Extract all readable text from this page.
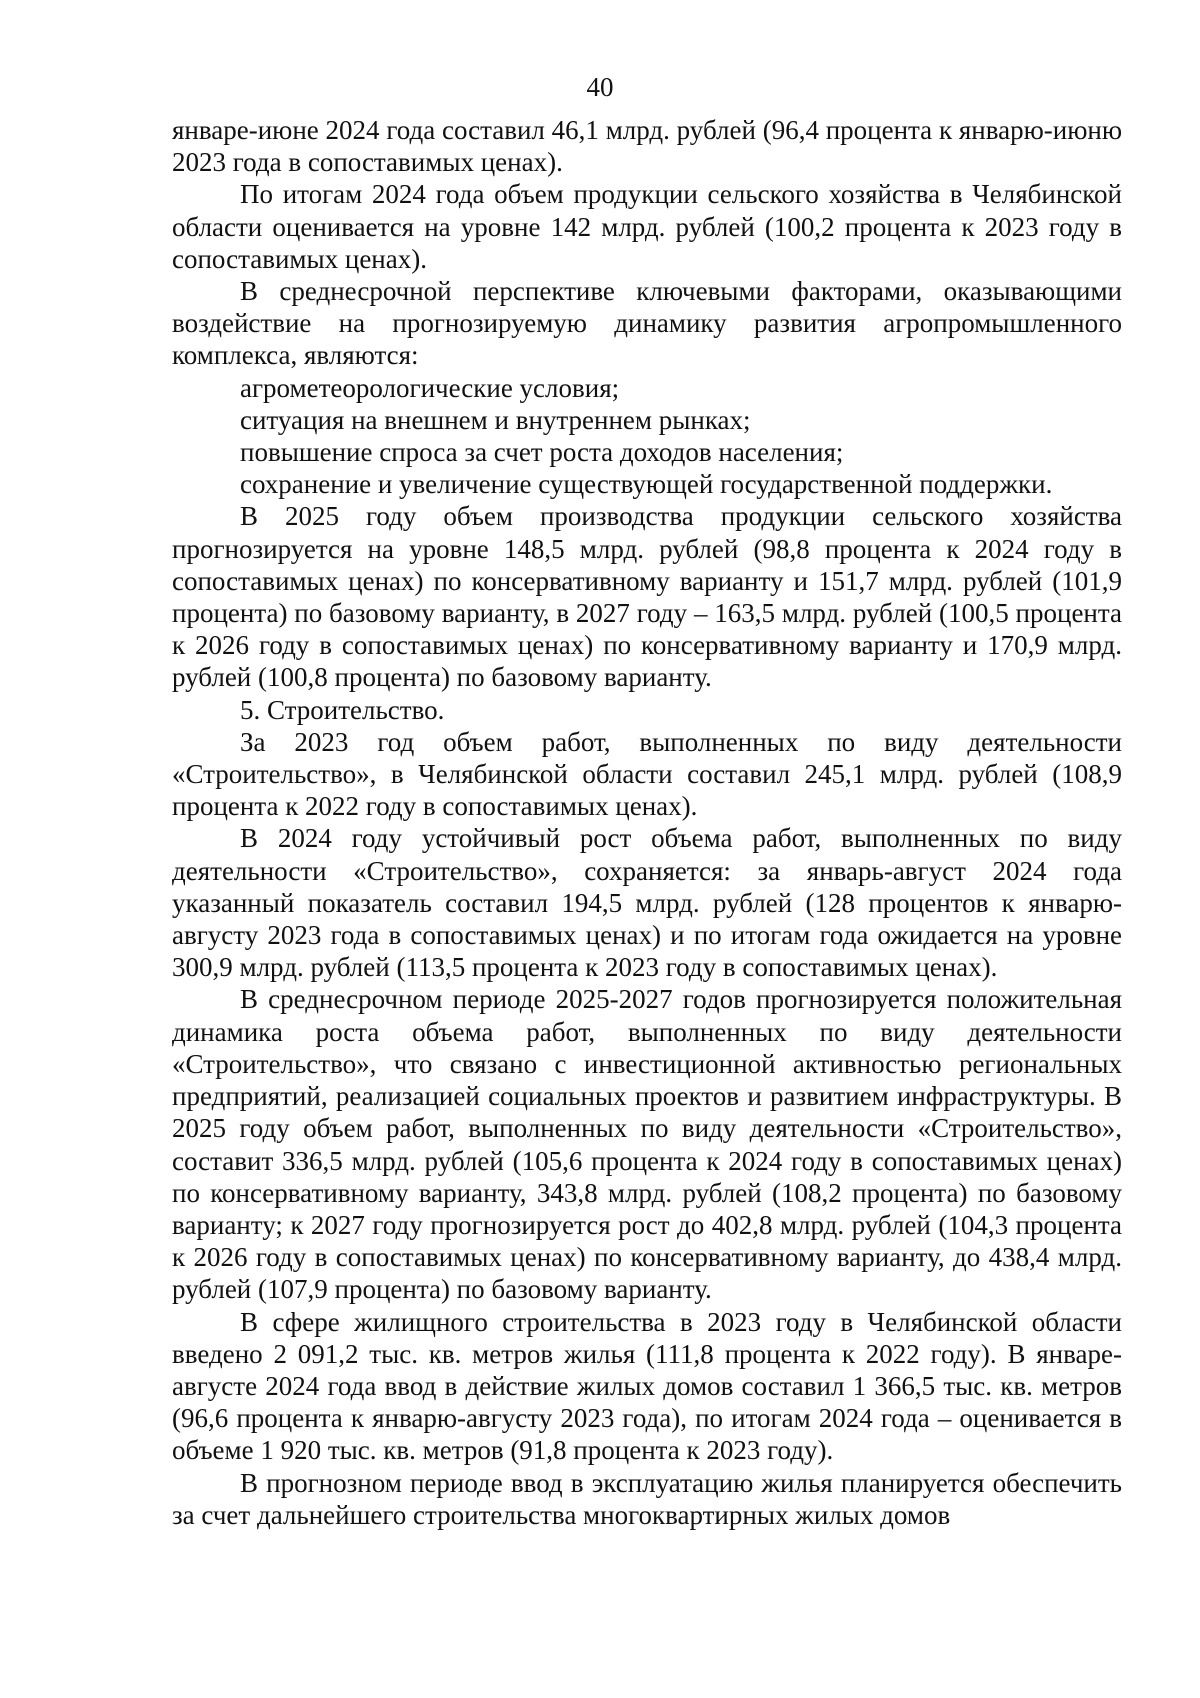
40

январе-июне 2024 года составил 46,1 млрд. рублей (96,4 процента к январю-июню 2023 года в сопоставимых ценах).

По итогам 2024 года объем продукции сельского хозяйства в Челябинской области оценивается на уровне 142 млрд. рублей (100,2 процента к 2023 году в сопоставимых ценах).

В среднесрочной перспективе ключевыми факторами, оказывающими воздействие на прогнозируемую динамику развития агропромышленного комплекса, являются:

агрометеорологические условия;

ситуация на внешнем и внутреннем рынках;

повышение спроса за счет роста доходов населения;

сохранение и увеличение существующей государственной поддержки.

В 2025 году объем производства продукции сельского хозяйства прогнозируется на уровне 148,5 млрд. рублей (98,8 процента к 2024 году в сопоставимых ценах) по консервативному варианту и 151,7 млрд. рублей (101,9 процента) по базовому варианту, в 2027 году – 163,5 млрд. рублей (100,5 процента к 2026 году в сопоставимых ценах) по консервативному варианту и 170,9 млрд. рублей (100,8 процента) по базовому варианту.

5. Строительство.

За 2023 год объем работ, выполненных по виду деятельности «Строительство», в Челябинской области составил 245,1 млрд. рублей (108,9 процента к 2022 году в сопоставимых ценах).

В 2024 году устойчивый рост объема работ, выполненных по виду деятельности «Строительство», сохраняется: за январь-август 2024 года указанный показатель составил 194,5 млрд. рублей (128 процентов к январю-августу 2023 года в сопоставимых ценах) и по итогам года ожидается на уровне 300,9 млрд. рублей (113,5 процента к 2023 году в сопоставимых ценах).

В среднесрочном периоде 2025-2027 годов прогнозируется положительная динамика роста объема работ, выполненных по виду деятельности «Строительство», что связано с инвестиционной активностью региональных предприятий, реализацией социальных проектов и развитием инфраструктуры. В 2025 году объем работ, выполненных по виду деятельности «Строительство», составит 336,5 млрд. рублей (105,6 процента к 2024 году в сопоставимых ценах) по консервативному варианту, 343,8 млрд. рублей (108,2 процента) по базовому варианту; к 2027 году прогнозируется рост до 402,8 млрд. рублей (104,3 процента к 2026 году в сопоставимых ценах) по консервативному варианту, до 438,4 млрд. рублей (107,9 процента) по базовому варианту.

В сфере жилищного строительства в 2023 году в Челябинской области введено 2 091,2 тыс. кв. метров жилья (111,8 процента к 2022 году). В январе-августе 2024 года ввод в действие жилых домов составил 1 366,5 тыс. кв. метров (96,6 процента к январю-августу 2023 года), по итогам 2024 года – оценивается в объеме 1 920 тыс. кв. метров (91,8 процента к 2023 году).

В прогнозном периоде ввод в эксплуатацию жилья планируется обеспечить за счет дальнейшего строительства многоквартирных жилых домов
